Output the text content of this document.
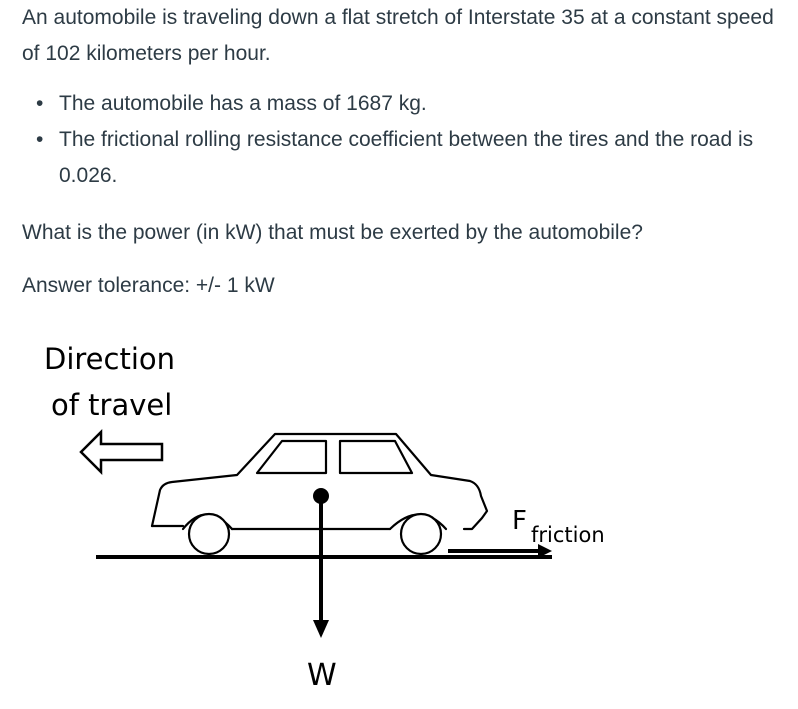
An automobile is traveling down a flat stretch of Interstate 35 at a constant speed of 102 kilometers per hour.

• The automobile has a mass of 1687 kg.
• The frictional rolling resistance coefficient between the tires and the road is 0.026.

What is the power (in kW) that must be exerted by the automobile?

Answer tolerance: +/- 1 kW

Direction
of travel
F friction
W
